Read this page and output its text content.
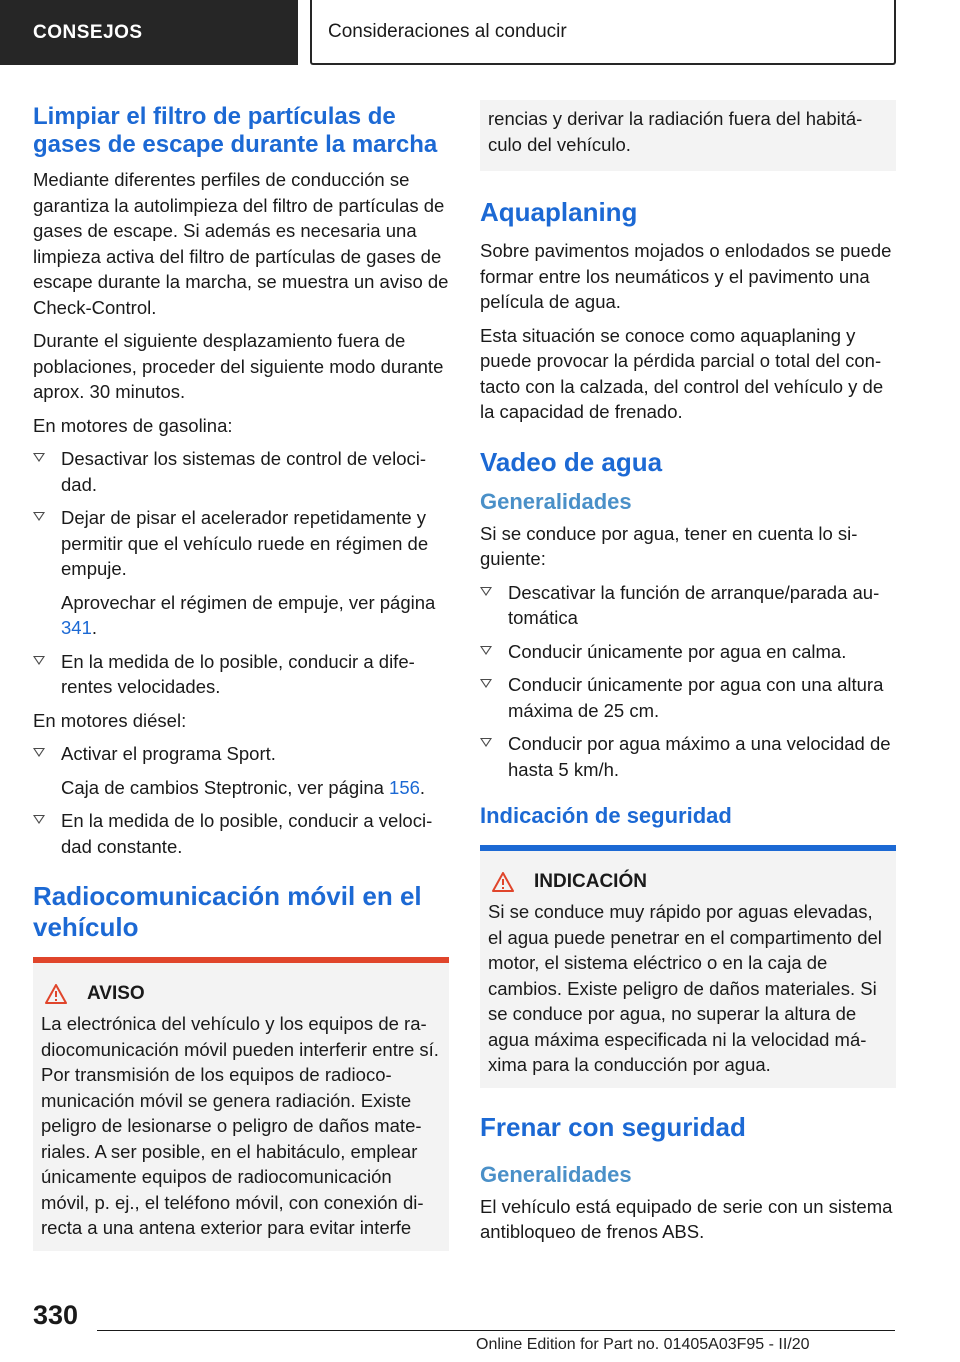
CONSEJOS	Consideraciones al conducir
Limpiar el filtro de partículas de gases de escape durante la marcha
Mediante diferentes perfiles de conducción se garantiza la autolimpieza del filtro de partículas de gases de escape. Si además es necesaria una limpieza activa del filtro de partículas de gases de escape durante la marcha, se muestra un aviso de Check-Control.
Durante el siguiente desplazamiento fuera de poblaciones, proceder del siguiente modo durante aprox. 30 minutos.
En motores de gasolina:
Desactivar los sistemas de control de velocidad.
Dejar de pisar el acelerador repetidamente y permitir que el vehículo ruede en régimen de empuje.
Aprovechar el régimen de empuje, ver página 341.
En la medida de lo posible, conducir a diferentes velocidades.
En motores diésel:
Activar el programa Sport.
Caja de cambios Steptronic, ver página 156.
En la medida de lo posible, conducir a velocidad constante.
Radiocomunicación móvil en el vehículo
AVISO
La electrónica del vehículo y los equipos de radiocomunicación móvil pueden interferir entre sí. Por transmisión de los equipos de radiocomunicación móvil se genera radiación. Existe peligro de lesionarse o peligro de daños materiales. A ser posible, en el habitáculo, emplear únicamente equipos de radiocomunicación móvil, p. ej., el teléfono móvil, con conexión directa a una antena exterior para evitar interfe
rencias y derivar la radiación fuera del habitáculo del vehículo.
Aquaplaning
Sobre pavimentos mojados o enlodados se puede formar entre los neumáticos y el pavimento una película de agua.
Esta situación se conoce como aquaplaning y puede provocar la pérdida parcial o total del contacto con la calzada, del control del vehículo y de la capacidad de frenado.
Vadeo de agua
Generalidades
Si se conduce por agua, tener en cuenta lo siguiente:
Descativar la función de arranque/parada automática
Conducir únicamente por agua en calma.
Conducir únicamente por agua con una altura máxima de 25 cm.
Conducir por agua máximo a una velocidad de hasta 5 km/h.
Indicación de seguridad
INDICACIÓN
Si se conduce muy rápido por aguas elevadas, el agua puede penetrar en el compartimento del motor, el sistema eléctrico o en la caja de cambios. Existe peligro de daños materiales. Si se conduce por agua, no superar la altura de agua máxima especificada ni la velocidad máxima para la conducción por agua.
Frenar con seguridad
Generalidades
El vehículo está equipado de serie con un sistema antibloqueo de frenos ABS.
330
Online Edition for Part no. 01405A03F95 - II/20
